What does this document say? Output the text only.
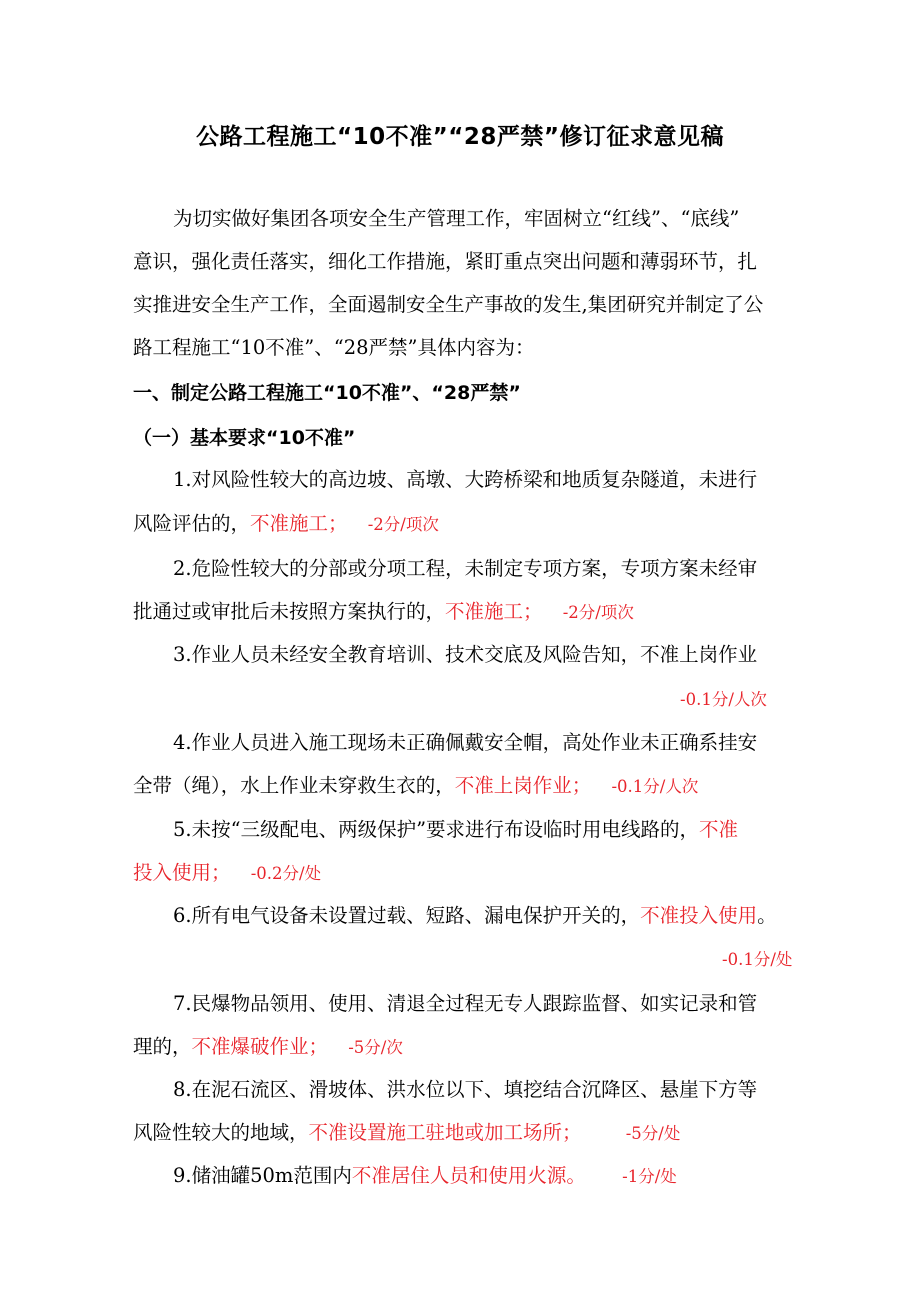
公路工程施工“10不准”“28严禁”修订征求意见稿
为切实做好集团各项安全生产管理工作，牢固树立“红线”、“底线”
意识，强化责任落实，细化工作措施，紧盯重点突出问题和薄弱环节，扎
实推进安全生产工作，全面遏制安全生产事故的发生,集团研究并制定了公
路工程施工“10不准”、“28严禁”具体内容为：
一、制定公路工程施工“10不准”、“28严禁”
（一）基本要求“10不准”
1.对风险性较大的高边坡、高墩、大跨桥梁和地质复杂隧道，未进行
风险评估的，不准施工； -2分/项次
2.危险性较大的分部或分项工程，未制定专项方案，专项方案未经审
批通过或审批后未按照方案执行的，不准施工； -2分/项次
3.作业人员未经安全教育培训、技术交底及风险告知，不准上岗作业
-0.1分/人次
4.作业人员进入施工现场未正确佩戴安全帽，高处作业未正确系挂安
全带（绳），水上作业未穿救生衣的，不准上岗作业； -0.1分/人次
5.未按“三级配电、两级保护”要求进行布设临时用电线路的，不准
投入使用； -0.2分/处
6.所有电气设备未设置过载、短路、漏电保护开关的，不准投入使用。
-0.1分/处
7.民爆物品领用、使用、清退全过程无专人跟踪监督、如实记录和管
理的，不准爆破作业； -5分/次
8.在泥石流区、滑坡体、洪水位以下、填挖结合沉降区、悬崖下方等
风险性较大的地域，不准设置施工驻地或加工场所；	-5分/处
9.储油罐50m范围内不准居住人员和使用火源。 -1分/处
